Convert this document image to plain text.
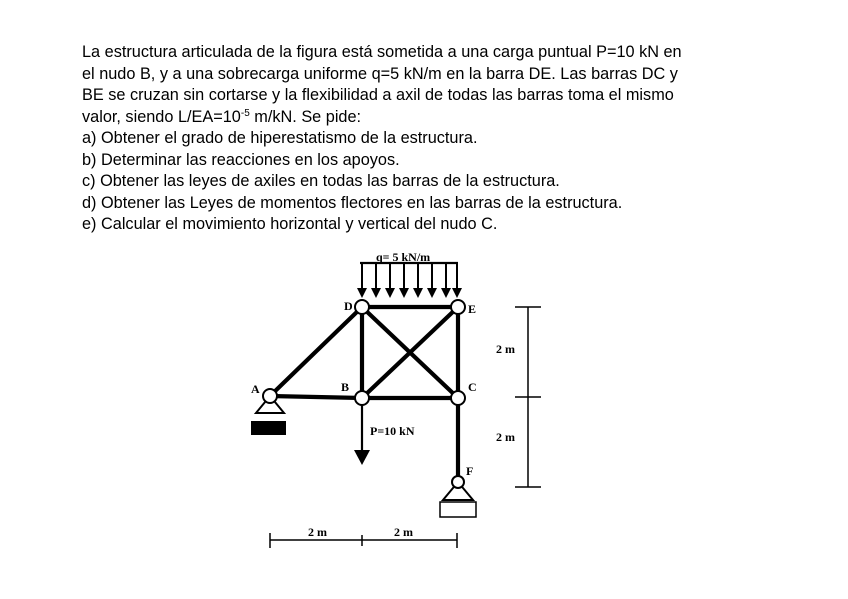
La estructura articulada de la figura está sometida a una carga puntual P=10 kN en
el nudo B, y a una sobrecarga uniforme q=5 kN/m en la barra DE. Las barras DC y
BE se cruzan sin cortarse y la flexibilidad a axil de todas las barras toma el mismo
valor, siendo $L/EA=10^{-5}$ m/kN. Se pide:
a) Obtener el grado de hiperestatismo de la estructura.
b) Determinar las reacciones en los apoyos.
c) Obtener las leyes de axiles en todas las barras de la estructura.
d) Obtener las Leyes de momentos flectores en las barras de la estructura.
e) Calcular el movimiento horizontal y vertical del nudo C.
q= 5 kN/m
A	B	C
D	E
F
P=10 kN
2 m
2 m
2 m	2 m
